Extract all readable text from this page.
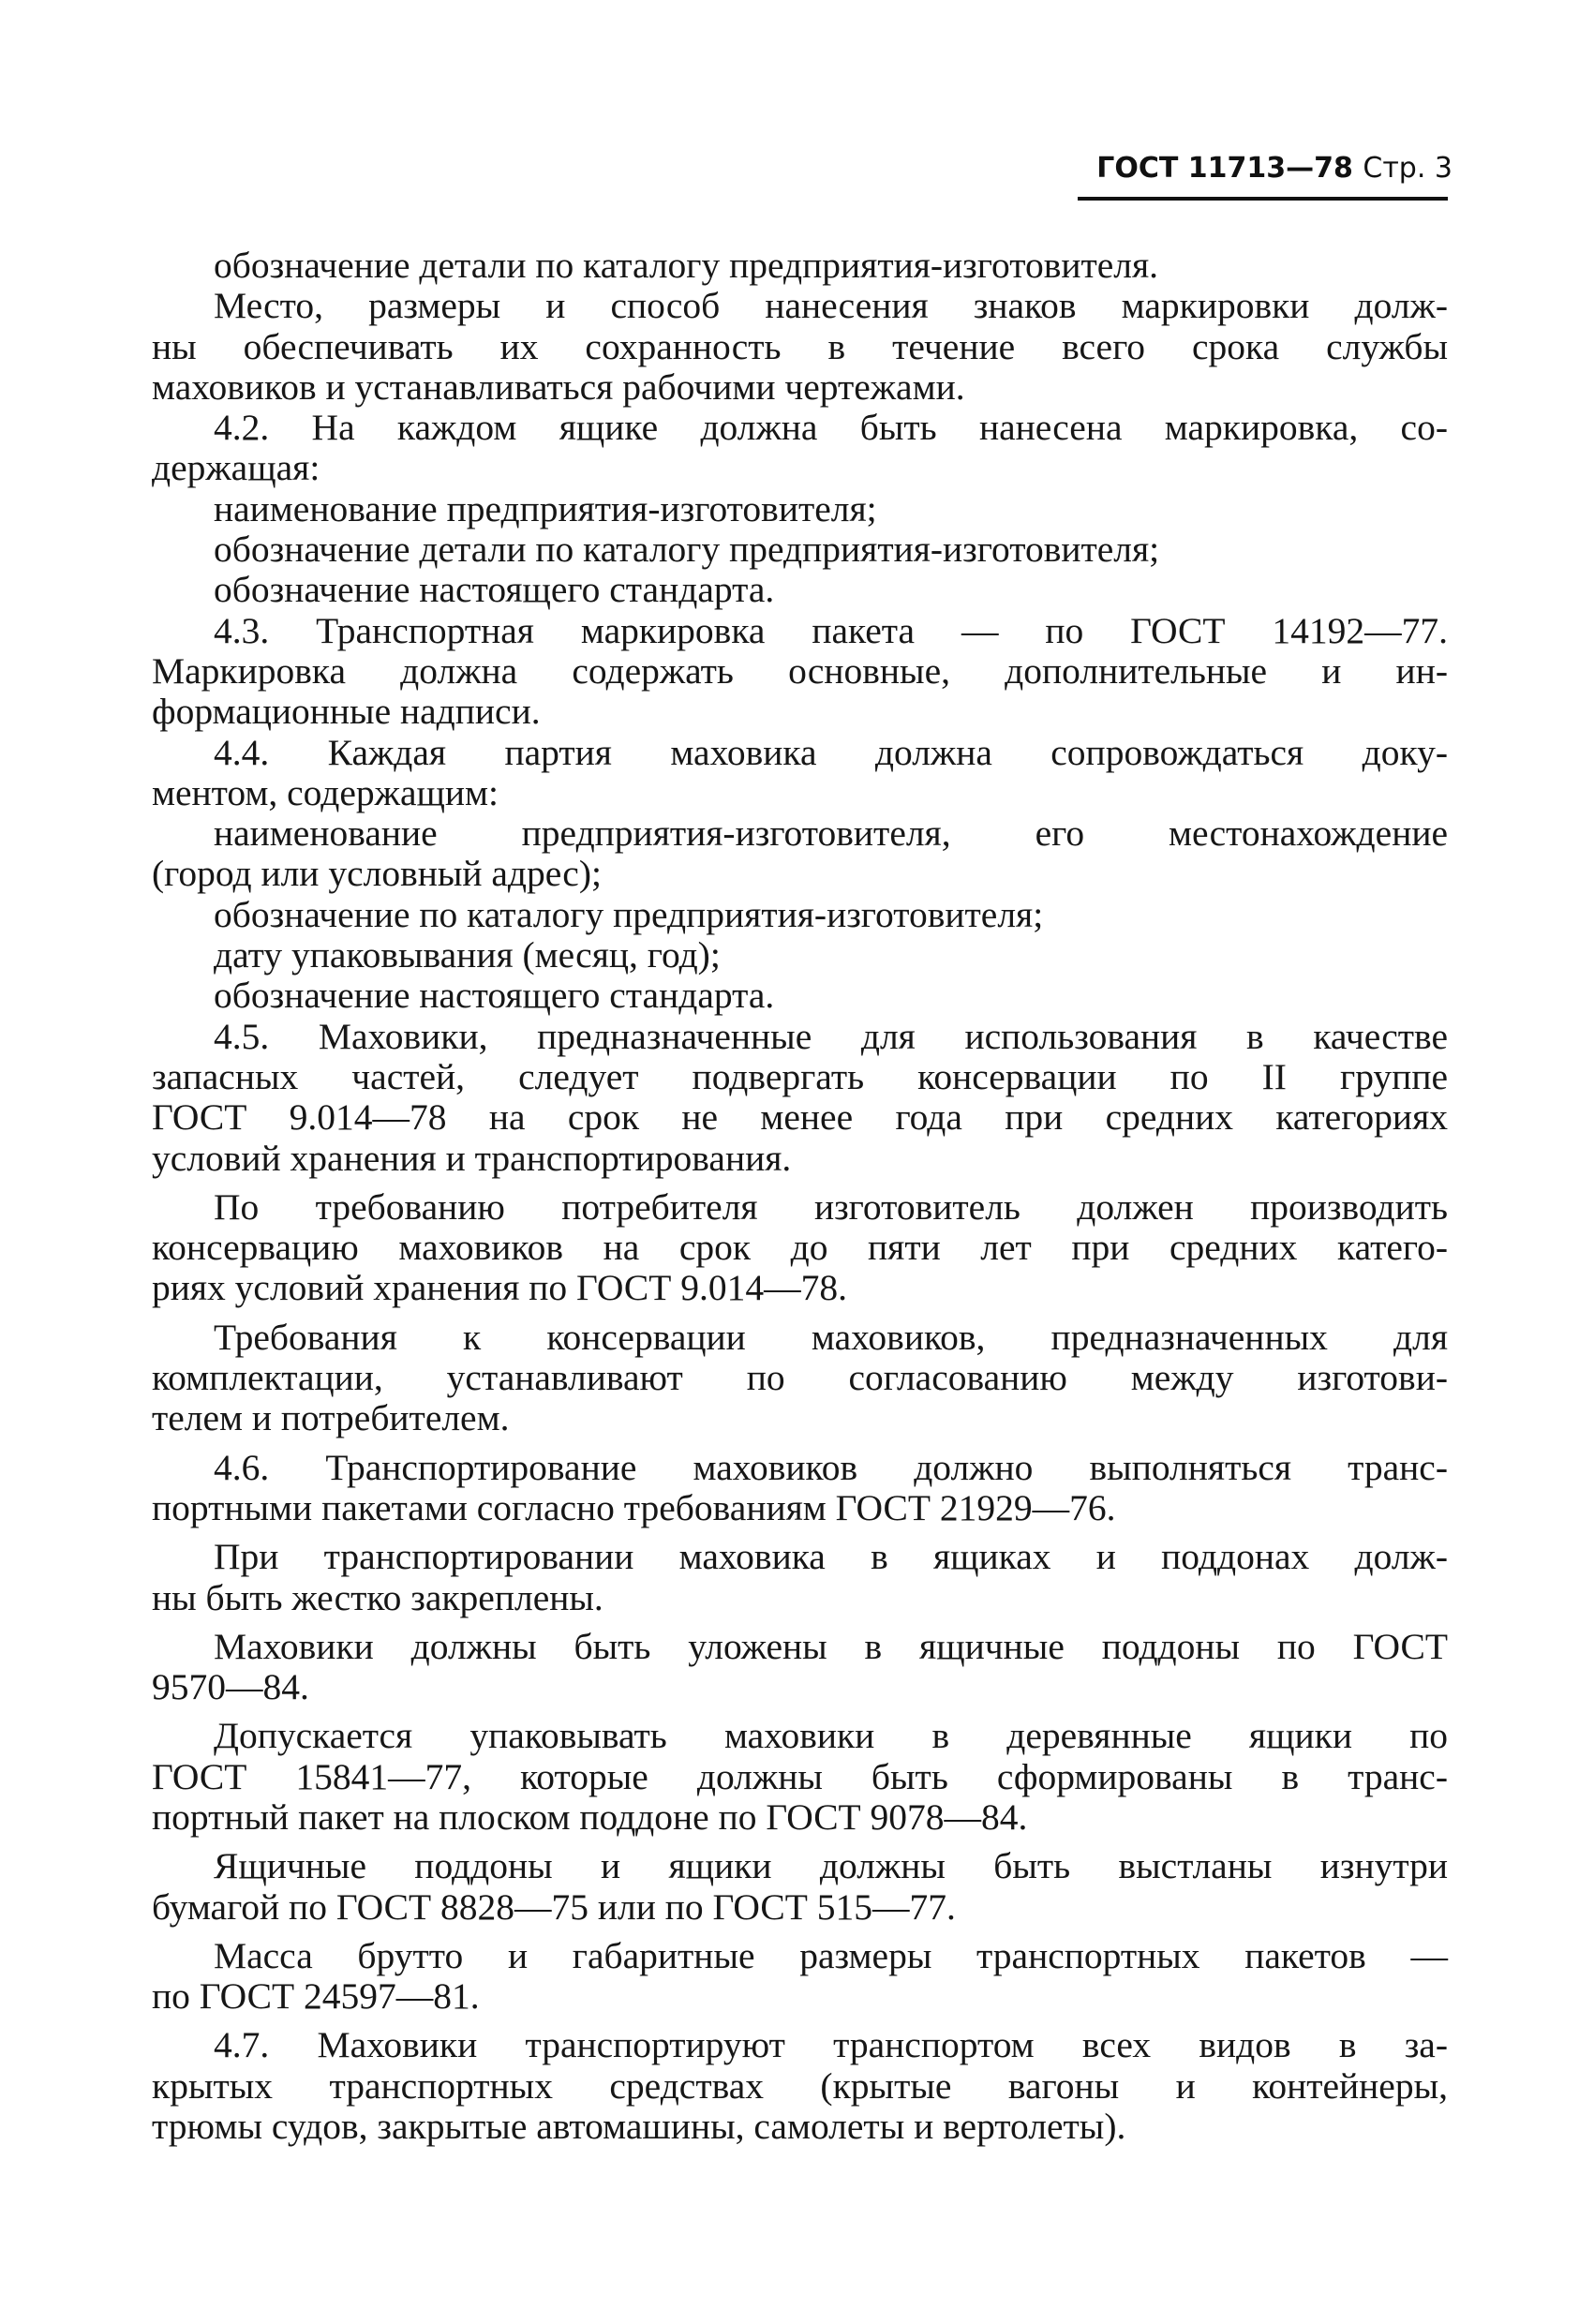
ГОСТ 11713—78 Стр. 3
обозначение детали по каталогу предприятия-изготовителя.
Место, размеры и способ нанесения знаков маркировки долж-
ны обеспечивать их сохранность в течение всего срока службы
маховиков и устанавливаться рабочими чертежами.
4.2. На каждом ящике должна быть нанесена маркировка, со-
держащая:
наименование предприятия-изготовителя;
обозначение детали по каталогу предприятия-изготовителя;
обозначение настоящего стандарта.
4.3. Транспортная маркировка пакета — по ГОСТ 14192—77.
Маркировка должна содержать основные, дополнительные и ин-
формационные надписи.
4.4. Каждая партия маховика должна сопровождаться доку-
ментом, содержащим:
наименование предприятия-изготовителя, его местонахождение
(город или условный адрес);
обозначение по каталогу предприятия-изготовителя;
дату упаковывания (месяц, год);
обозначение настоящего стандарта.
4.5. Маховики, предназначенные для использования в качестве
запасных частей, следует подвергать консервации по II группе
ГОСТ 9.014—78 на срок не менее года при средних категориях
условий хранения и транспортирования.
По требованию потребителя изготовитель должен производить
консервацию маховиков на срок до пяти лет при средних катего-
риях условий хранения по ГОСТ 9.014—78.
Требования к консервации маховиков, предназначенных для
комплектации, устанавливают по согласованию между изготови-
телем и потребителем.
4.6. Транспортирование маховиков должно выполняться транс-
портными пакетами согласно требованиям ГОСТ 21929—76.
При транспортировании маховика в ящиках и поддонах долж-
ны быть жестко закреплены.
Маховики должны быть уложены в ящичные поддоны по ГОСТ
9570—84.
Допускается упаковывать маховики в деревянные ящики по
ГОСТ 15841—77, которые должны быть сформированы в транс-
портный пакет на плоском поддоне по ГОСТ 9078—84.
Ящичные поддоны и ящики должны быть выстланы изнутри
бумагой по ГОСТ 8828—75 или по ГОСТ 515—77.
Масса брутто и габаритные размеры транспортных пакетов —
по ГОСТ 24597—81.
4.7. Маховики транспортируют транспортом всех видов в за-
крытых транспортных средствах (крытые вагоны и контейнеры,
трюмы судов, закрытые автомашины, самолеты и вертолеты).
